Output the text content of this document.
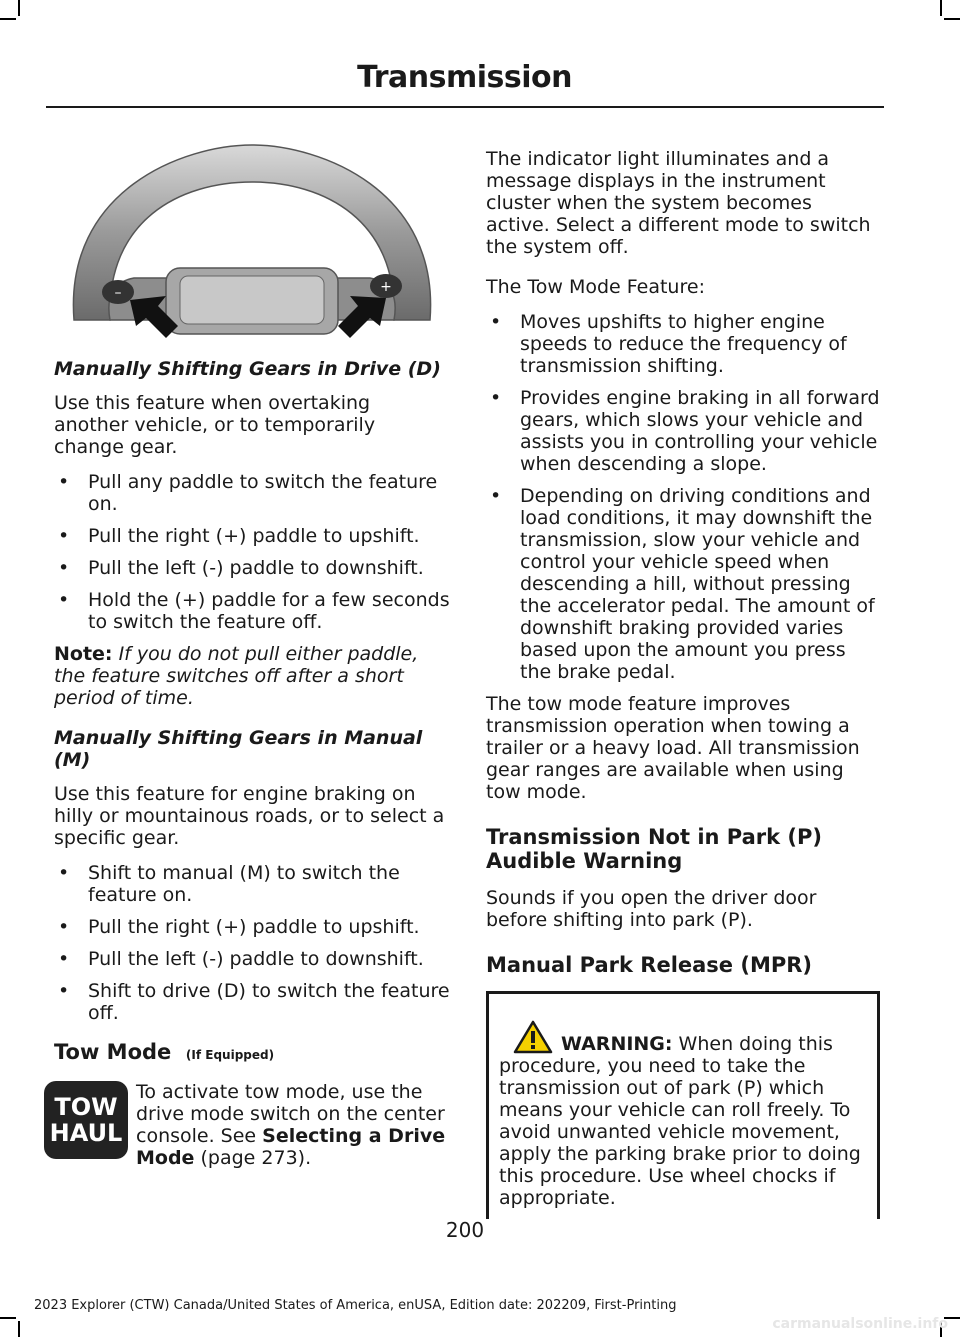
Transmission
–	+
Manually Shifting Gears in Drive (D)

Use this feature when overtaking another vehicle, or to temporarily change gear.

• Pull any paddle to switch the feature on.
• Pull the right (+) paddle to upshift.
• Pull the left (-) paddle to downshift.
• Hold the (+) paddle for a few seconds to switch the feature off.

Note: If you do not pull either paddle, the feature switches off after a short period of time.

Manually Shifting Gears in Manual (M)

Use this feature for engine braking on hilly or mountainous roads, or to select a specific gear.

• Shift to manual (M) to switch the feature on.
• Pull the right (+) paddle to upshift.
• Pull the left (-) paddle to downshift.
• Shift to drive (D) to switch the feature off.
Tow Mode (If Equipped)
TOW
HAUL

To activate tow mode, use the drive mode switch on the center console. See Selecting a Drive Mode (page 273).

The indicator light illuminates and a message displays in the instrument cluster when the system becomes active. Select a different mode to switch the system off.

The Tow Mode Feature:

• Moves upshifts to higher engine speeds to reduce the frequency of transmission shifting.
• Provides engine braking in all forward gears, which slows your vehicle and assists you in controlling your vehicle when descending a slope.
• Depending on driving conditions and load conditions, it may downshift the transmission, slow your vehicle and control your vehicle speed when descending a hill, without pressing the accelerator pedal. The amount of downshift braking provided varies based upon the amount you press the brake pedal.

The tow mode feature improves transmission operation when towing a trailer or a heavy load. All transmission gear ranges are available when using tow mode.

Transmission Not in Park (P) Audible Warning

Sounds if you open the driver door before shifting into park (P).

Manual Park Release (MPR)

WARNING: When doing this procedure, you need to take the transmission out of park (P) which means your vehicle can roll freely. To avoid unwanted vehicle movement, apply the parking brake prior to doing this procedure. Use wheel chocks if appropriate.

200
2023 Explorer (CTW) Canada/United States of America, enUSA, Edition date: 202209, First-Printing
carmanualsonline.info
